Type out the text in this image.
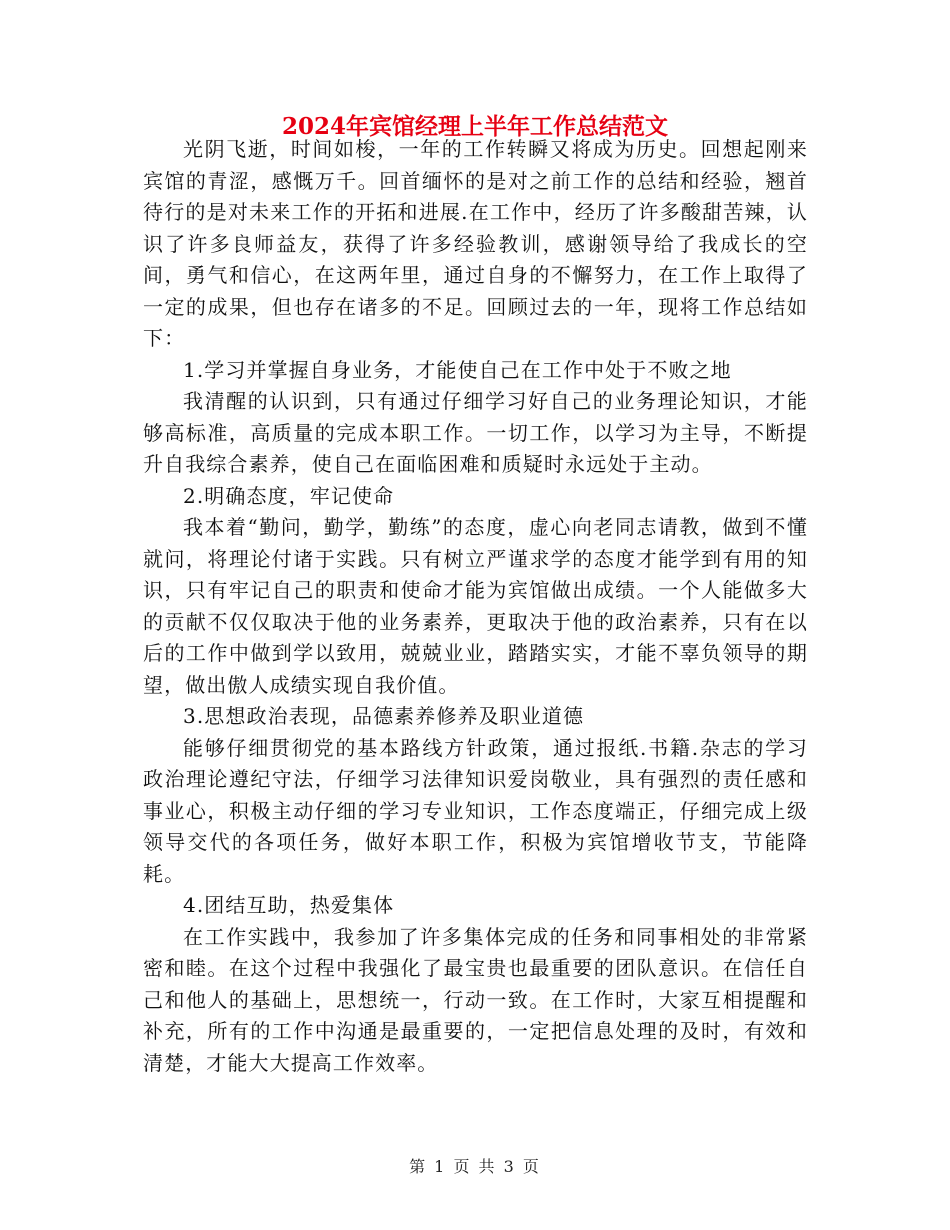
2024年宾馆经理上半年工作总结范文

光阴飞逝，时间如梭，一年的工作转瞬又将成为历史。回想起刚来宾馆的青涩，感慨万千。回首缅怀的是对之前工作的总结和经验，翘首待行的是对未来工作的开拓和进展.在工作中，经历了许多酸甜苦辣，认识了许多良师益友，获得了许多经验教训，感谢领导给了我成长的空间，勇气和信心，在这两年里，通过自身的不懈努力，在工作上取得了一定的成果，但也存在诸多的不足。回顾过去的一年，现将工作总结如下：

1.学习并掌握自身业务，才能使自己在工作中处于不败之地

我清醒的认识到，只有通过仔细学习好自己的业务理论知识，才能够高标准，高质量的完成本职工作。一切工作，以学习为主导，不断提升自我综合素养，使自己在面临困难和质疑时永远处于主动。

2.明确态度，牢记使命

我本着“勤问，勤学，勤练”的态度，虚心向老同志请教，做到不懂就问，将理论付诸于实践。只有树立严谨求学的态度才能学到有用的知识，只有牢记自己的职责和使命才能为宾馆做出成绩。一个人能做多大的贡献不仅仅取决于他的业务素养，更取决于他的政治素养，只有在以后的工作中做到学以致用，兢兢业业，踏踏实实，才能不辜负领导的期望，做出傲人成绩实现自我价值。

3.思想政治表现，品德素养修养及职业道德

能够仔细贯彻党的基本路线方针政策，通过报纸.书籍.杂志的学习政治理论遵纪守法，仔细学习法律知识爱岗敬业，具有强烈的责任感和事业心，积极主动仔细的学习专业知识，工作态度端正，仔细完成上级领导交代的各项任务，做好本职工作，积极为宾馆增收节支，节能降耗。

4.团结互助，热爱集体

在工作实践中，我参加了许多集体完成的任务和同事相处的非常紧密和睦。在这个过程中我强化了最宝贵也最重要的团队意识。在信任自己和他人的基础上，思想统一，行动一致。在工作时，大家互相提醒和补充，所有的工作中沟通是最重要的，一定把信息处理的及时，有效和清楚，才能大大提高工作效率。

第 1 页 共 3 页
